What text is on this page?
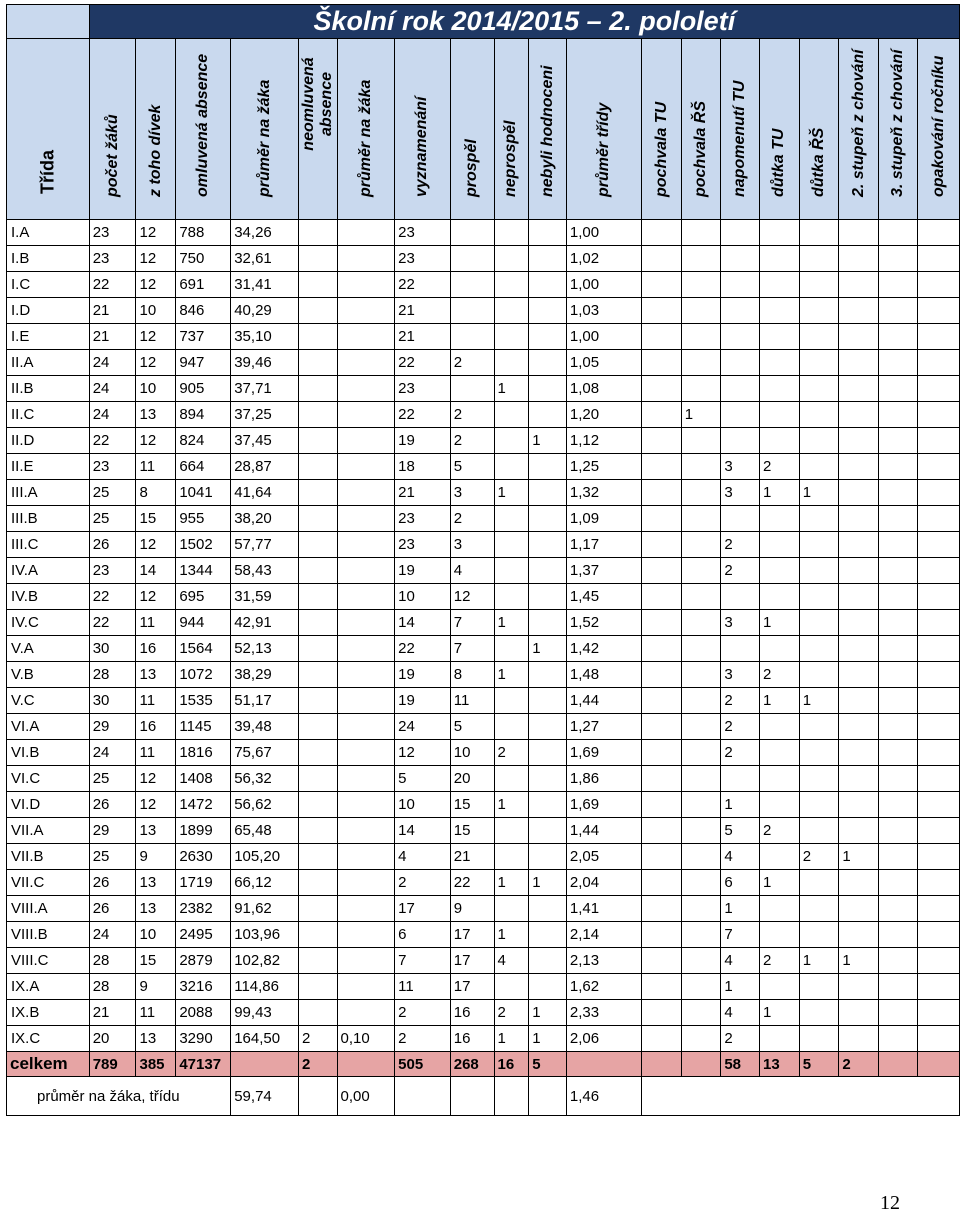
	Školní rok 2014/2015 – 2. pololetí																		

Třída	počet žáků	z toho dívek	omluvená absence	průměr na žáka	neomluvená absence	průměr na žáka	vyznamenání	prospěl	neprospěl	nebyli hodnoceni	průměr třídy	pochvala TU	pochvala ŘŠ	napomenutí TU	důtka TU	důtka ŘŠ	2. stupeň z chování	3. stupeň z chování	opakování ročníku

I.A	23	12	788	34,26			23				1,00								
I.B	23	12	750	32,61			23				1,02								
I.C	22	12	691	31,41			22				1,00								
I.D	21	10	846	40,29			21				1,03								
I.E	21	12	737	35,10			21				1,00								
II.A	24	12	947	39,46			22	2			1,05								
II.B	24	10	905	37,71			23		1		1,08								
II.C	24	13	894	37,25			22	2			1,20		1						
II.D	22	12	824	37,45			19	2		1	1,12								
II.E	23	11	664	28,87			18	5			1,25			3	2				
III.A	25	8	1041	41,64			21	3	1		1,32			3	1	1			
III.B	25	15	955	38,20			23	2			1,09								
III.C	26	12	1502	57,77			23	3			1,17			2					
IV.A	23	14	1344	58,43			19	4			1,37			2					
IV.B	22	12	695	31,59			10	12			1,45								
IV.C	22	11	944	42,91			14	7	1		1,52			3	1				
V.A	30	16	1564	52,13			22	7		1	1,42								
V.B	28	13	1072	38,29			19	8	1		1,48			3	2				
V.C	30	11	1535	51,17			19	11			1,44			2	1	1			
VI.A	29	16	1145	39,48			24	5			1,27			2					
VI.B	24	11	1816	75,67			12	10	2		1,69			2					
VI.C	25	12	1408	56,32			5	20			1,86								
VI.D	26	12	1472	56,62			10	15	1		1,69			1					
VII.A	29	13	1899	65,48			14	15			1,44			5	2				
VII.B	25	9	2630	105,20			4	21			2,05			4		2	1		
VII.C	26	13	1719	66,12			2	22	1	1	2,04			6	1				
VIII.A	26	13	2382	91,62			17	9			1,41			1					
VIII.B	24	10	2495	103,96			6	17	1		2,14			7					
VIII.C	28	15	2879	102,82			7	17	4		2,13			4	2	1	1		
IX.A	28	9	3216	114,86			11	17			1,62			1					
IX.B	21	11	2088	99,43			2	16	2	1	2,33			4	1				
IX.C	20	13	3290	164,50	2	0,10	2	16	1	1	2,06			2					
celkem	789	385	47137		2		505	268	16	5				58	13	5	2		
průměr na žáka, třídu				59,74		0,00					1,46								
12
